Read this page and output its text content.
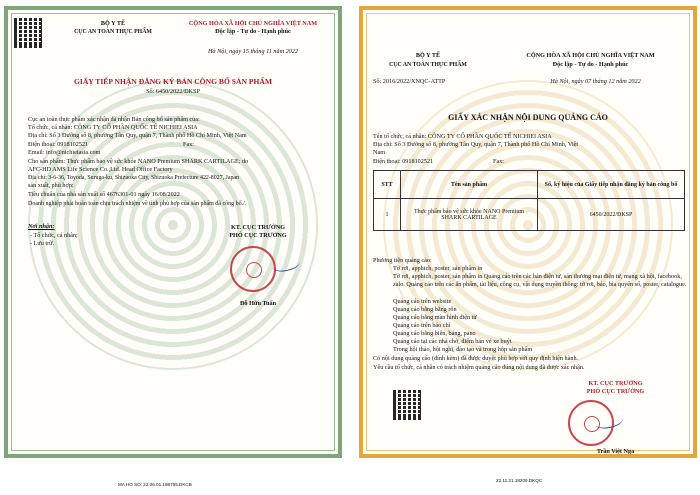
BỘ Y TẾ
CỤC AN TOÀN THỰC PHẨM
CỘNG HÒA XÃ HỘI CHỦ NGHĨA VIỆT NAM
Độc lập - Tự do - Hạnh phúc
Hà Nội, ngày 15 tháng 11 năm 2022
GIẤY TIẾP NHẬN ĐĂNG KÝ BẢN CÔNG BỐ SẢN PHẨM
Số: 6450/2022/ĐKSP
Cục an toàn thực phẩm xác nhận đã nhận Bản công bố sản phẩm của:
Tổ chức, cá nhân: CÔNG TY CỔ PHẦN QUỐC TẾ NICHIEI ASIA
Địa chỉ: Số 3 Đường số 8, phường Tân Quy, quận 7, Thành phố Hồ Chí Minh, Việt Nam
Điện thoại: 0918102521	Fax:
Email: info@nichieiasia.com
Cho sản phẩm: Thực phẩm bảo vệ sức khỏe NANO Premium SHARK CARTILAGE; do
AFC-HD AMS Life Science Co.,Ltd. Head Office Factory
Địa chỉ: 3-6-36, Toyoda, Suruga-ku, Shizuoka City, Shizuoka Prefecture 422-8027, Japan
sản xuất, phù hợp:
Tiêu chuẩn của nhà sản xuất số 4676301-01 ngày 16/08/2022
Doanh nghiệp phải hoàn toàn chịu trách nhiệm về tính phù hợp của sản phẩm đã công bố./.
Nơi nhận:
- Tổ chức, cá nhân;
- Lưu trữ.
KT. CỤC TRƯỞNG
PHÓ CỤC TRƯỞNG
Đỗ Hữu Tuấn
MA HO SO: 22.06.01.198755.DKCB
BỘ Y TẾ
CỤC AN TOÀN THỰC PHẨM
CỘNG HÒA XÃ HỘI CHỦ NGHĨA VIỆT NAM
Độc lập - Tự do - Hạnh phúc
Số: 2016/2022/XNQC-ATTP	Hà Nội, ngày 07 tháng 12 năm 2022
GIẤY XÁC NHẬN NỘI DUNG QUẢNG CÁO
Tên tổ chức, cá nhân: CÔNG TY CỔ PHẦN QUỐC TẾ NICHIEI ASIA
Địa chỉ: Số 3 Đường số 8, phường Tân Quy, quận 7, Thành phố Hồ Chí Minh, Việt
Nam
Điện thoại: 0918102521	Fax:
STT	Tên sản phẩm	Số, ký hiệu của Giấy tiếp nhận đăng ký bản công bố
1	Thực phẩm bảo vệ sức khỏe NANO Premium SHARK CARTILAGE	6450/2022/ĐKSP
Phương tiện quảng cáo:
Tờ rơi, apphich, poster, sản phẩm in
Tờ rơi, apphich, poster, sản phẩm in Quảng cáo trên các bản điện tử, sản thương mại điện tử, mạng xã hội, facebook, zalo. Quảng cáo trên các ấn phẩm, tài liệu, công cụ, vật dụng truyền thông: tờ rơi, báo, bìa quyển sổ, poster, catalogue.
Quảng cáo trên website
Quảng cáo bằng băng rôn
Quảng cáo bằng màn hình điện tử
Quảng cáo trên báo chí
Quảng cáo bằng biển, bảng, pano
Quảng cáo tại các nhà chờ, điểm bán vé xe buýt
Trong hội thảo, hội nghị, đào tạo và trong hộp sản phẩm
Có nội dung quảng cáo (đính kèm) đã được duyệt phù hợp với quy định hiện hành.
Yêu cầu tổ chức, cá nhân có trách nhiệm quảng cáo đúng nội dung đã được xác nhận.
KT. CỤC TRƯỞNG
PHÓ CỤC TRƯỞNG
Trần Việt Nga
22.11.21.18209.DKQC
